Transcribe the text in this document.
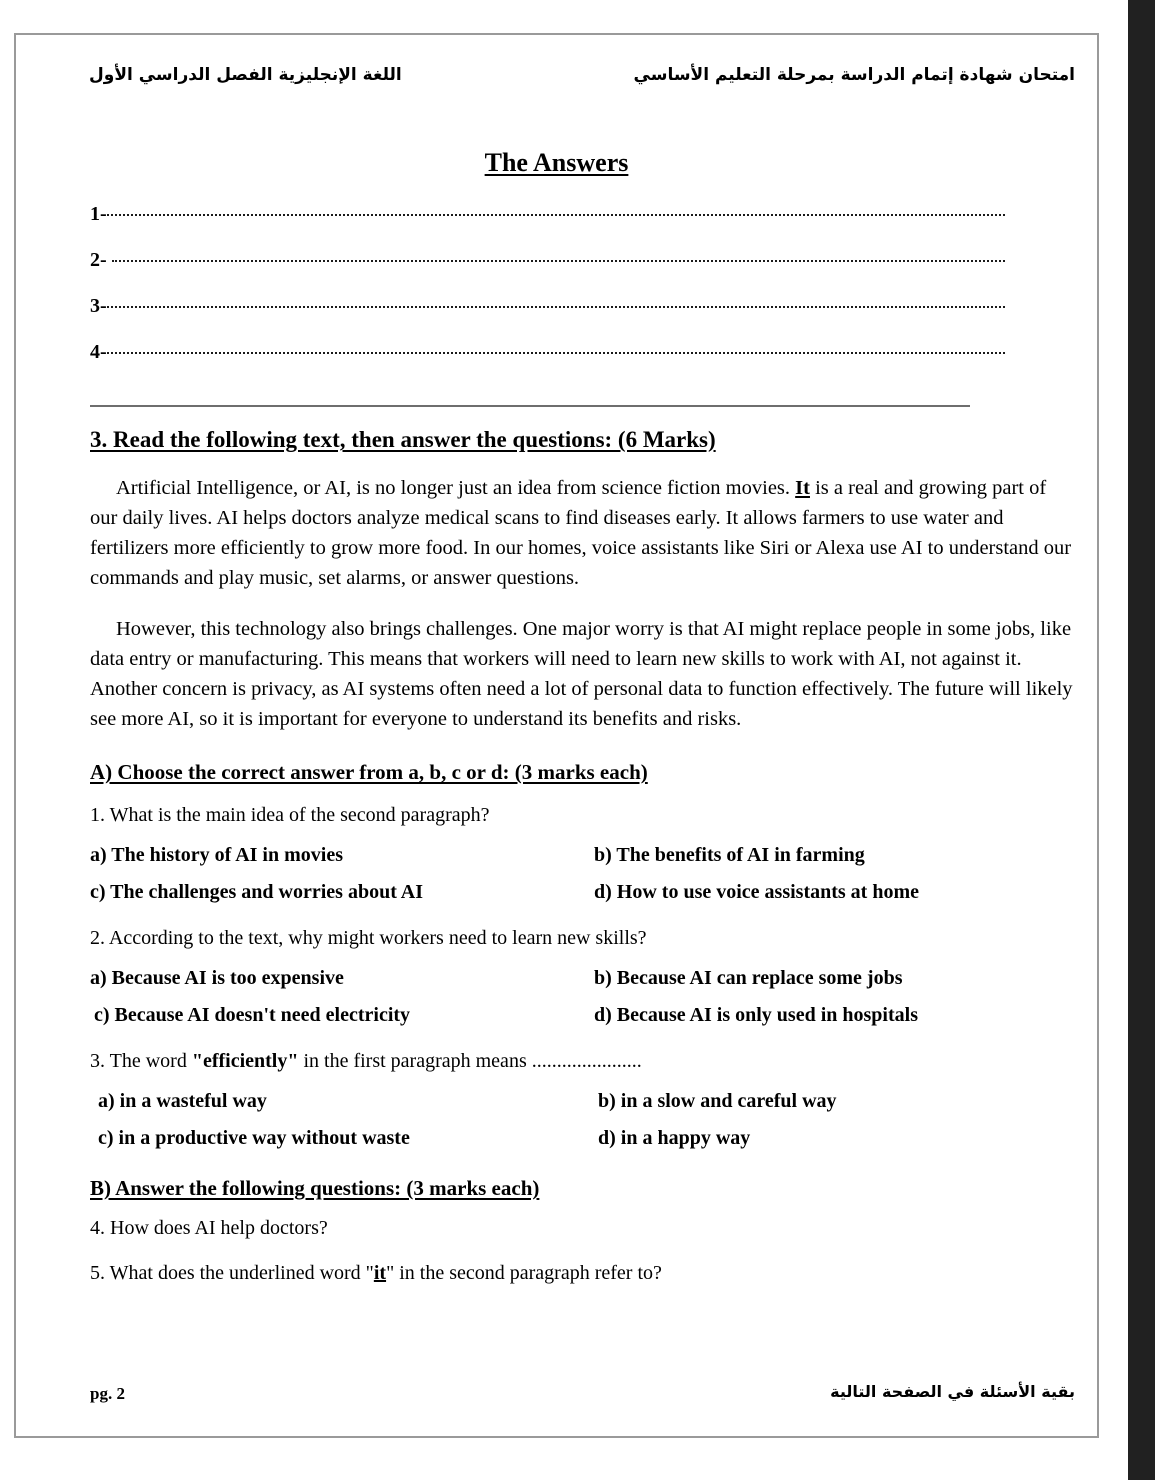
اللغة الإنجليزية الفصل الدراسي الأول	امتحان شهادة إتمام الدراسة بمرحلة التعليم الأساسي
The Answers
1-
2-
3-
4-
3. Read the following text, then answer the questions: (6 Marks)

Artificial Intelligence, or AI, is no longer just an idea from science fiction movies. It is a real and growing part of our daily lives. AI helps doctors analyze medical scans to find diseases early. It allows farmers to use water and fertilizers more efficiently to grow more food. In our homes, voice assistants like Siri or Alexa use AI to understand our commands and play music, set alarms, or answer questions.

However, this technology also brings challenges. One major worry is that AI might replace people in some jobs, like data entry or manufacturing. This means that workers will need to learn new skills to work with AI, not against it. Another concern is privacy, as AI systems often need a lot of personal data to function effectively. The future will likely see more AI, so it is important for everyone to understand its benefits and risks.

A) Choose the correct answer from a, b, c or d: (3 marks each)

1. What is the main idea of the second paragraph?

a) The history of AI in movies	b) The benefits of AI in farming
c) The challenges and worries about AI	d) How to use voice assistants at home

2. According to the text, why might workers need to learn new skills?

a) Because AI is too expensive	b) Because AI can replace some jobs
c) Because AI doesn't need electricity	d) Because AI is only used in hospitals

3. The word "efficiently" in the first paragraph means ......................

a) in a wasteful way	b) in a slow and careful way
c) in a productive way without waste	d) in a happy way
B) Answer the following questions: (3 marks each)

4. How does AI help doctors?

5. What does the underlined word "it" in the second paragraph refer to?

pg. 2	بقية الأسئلة في الصفحة التالية
